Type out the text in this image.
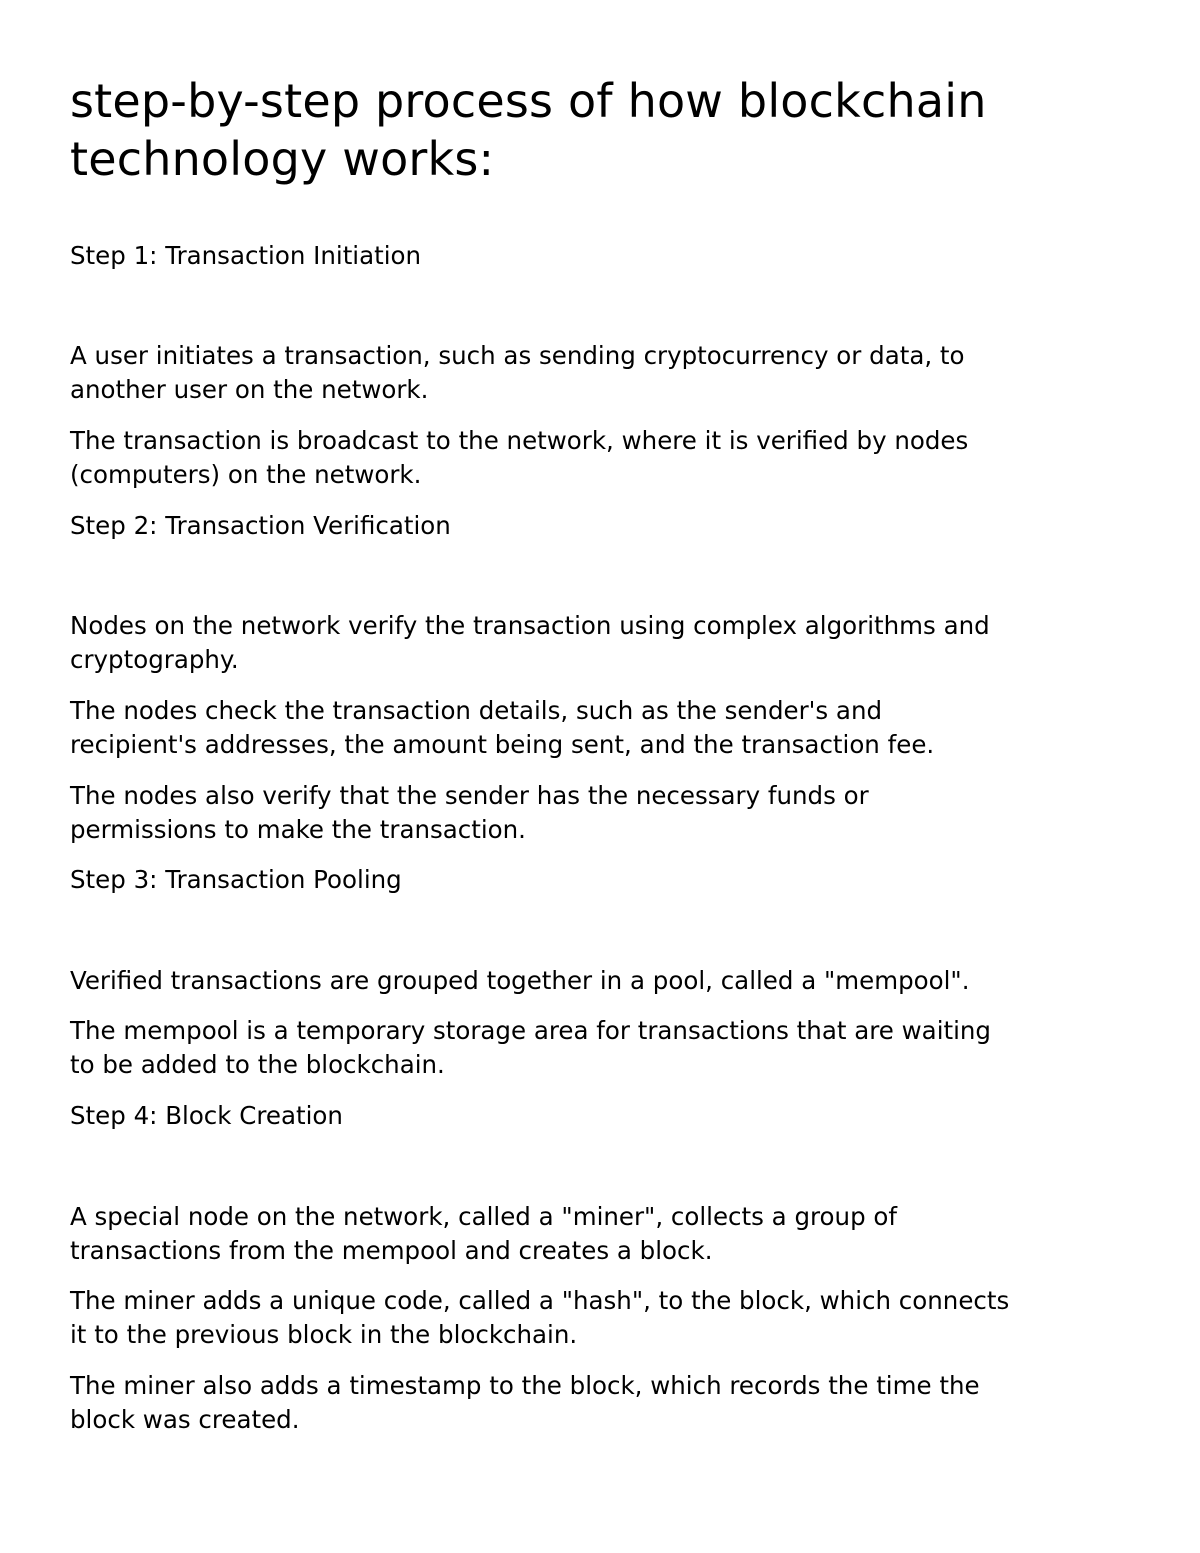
step-by-step process of how blockchain
technology works:
Step 1: Transaction Initiation
A user initiates a transaction, such as sending cryptocurrency or data, to
another user on the network.
The transaction is broadcast to the network, where it is verified by nodes
(computers) on the network.
Step 2: Transaction Verification
Nodes on the network verify the transaction using complex algorithms and
cryptography.
The nodes check the transaction details, such as the sender's and
recipient's addresses, the amount being sent, and the transaction fee.
The nodes also verify that the sender has the necessary funds or
permissions to make the transaction.
Step 3: Transaction Pooling
Verified transactions are grouped together in a pool, called a "mempool".
The mempool is a temporary storage area for transactions that are waiting
to be added to the blockchain.
Step 4: Block Creation
A special node on the network, called a "miner", collects a group of
transactions from the mempool and creates a block.
The miner adds a unique code, called a "hash", to the block, which connects
it to the previous block in the blockchain.
The miner also adds a timestamp to the block, which records the time the
block was created.
